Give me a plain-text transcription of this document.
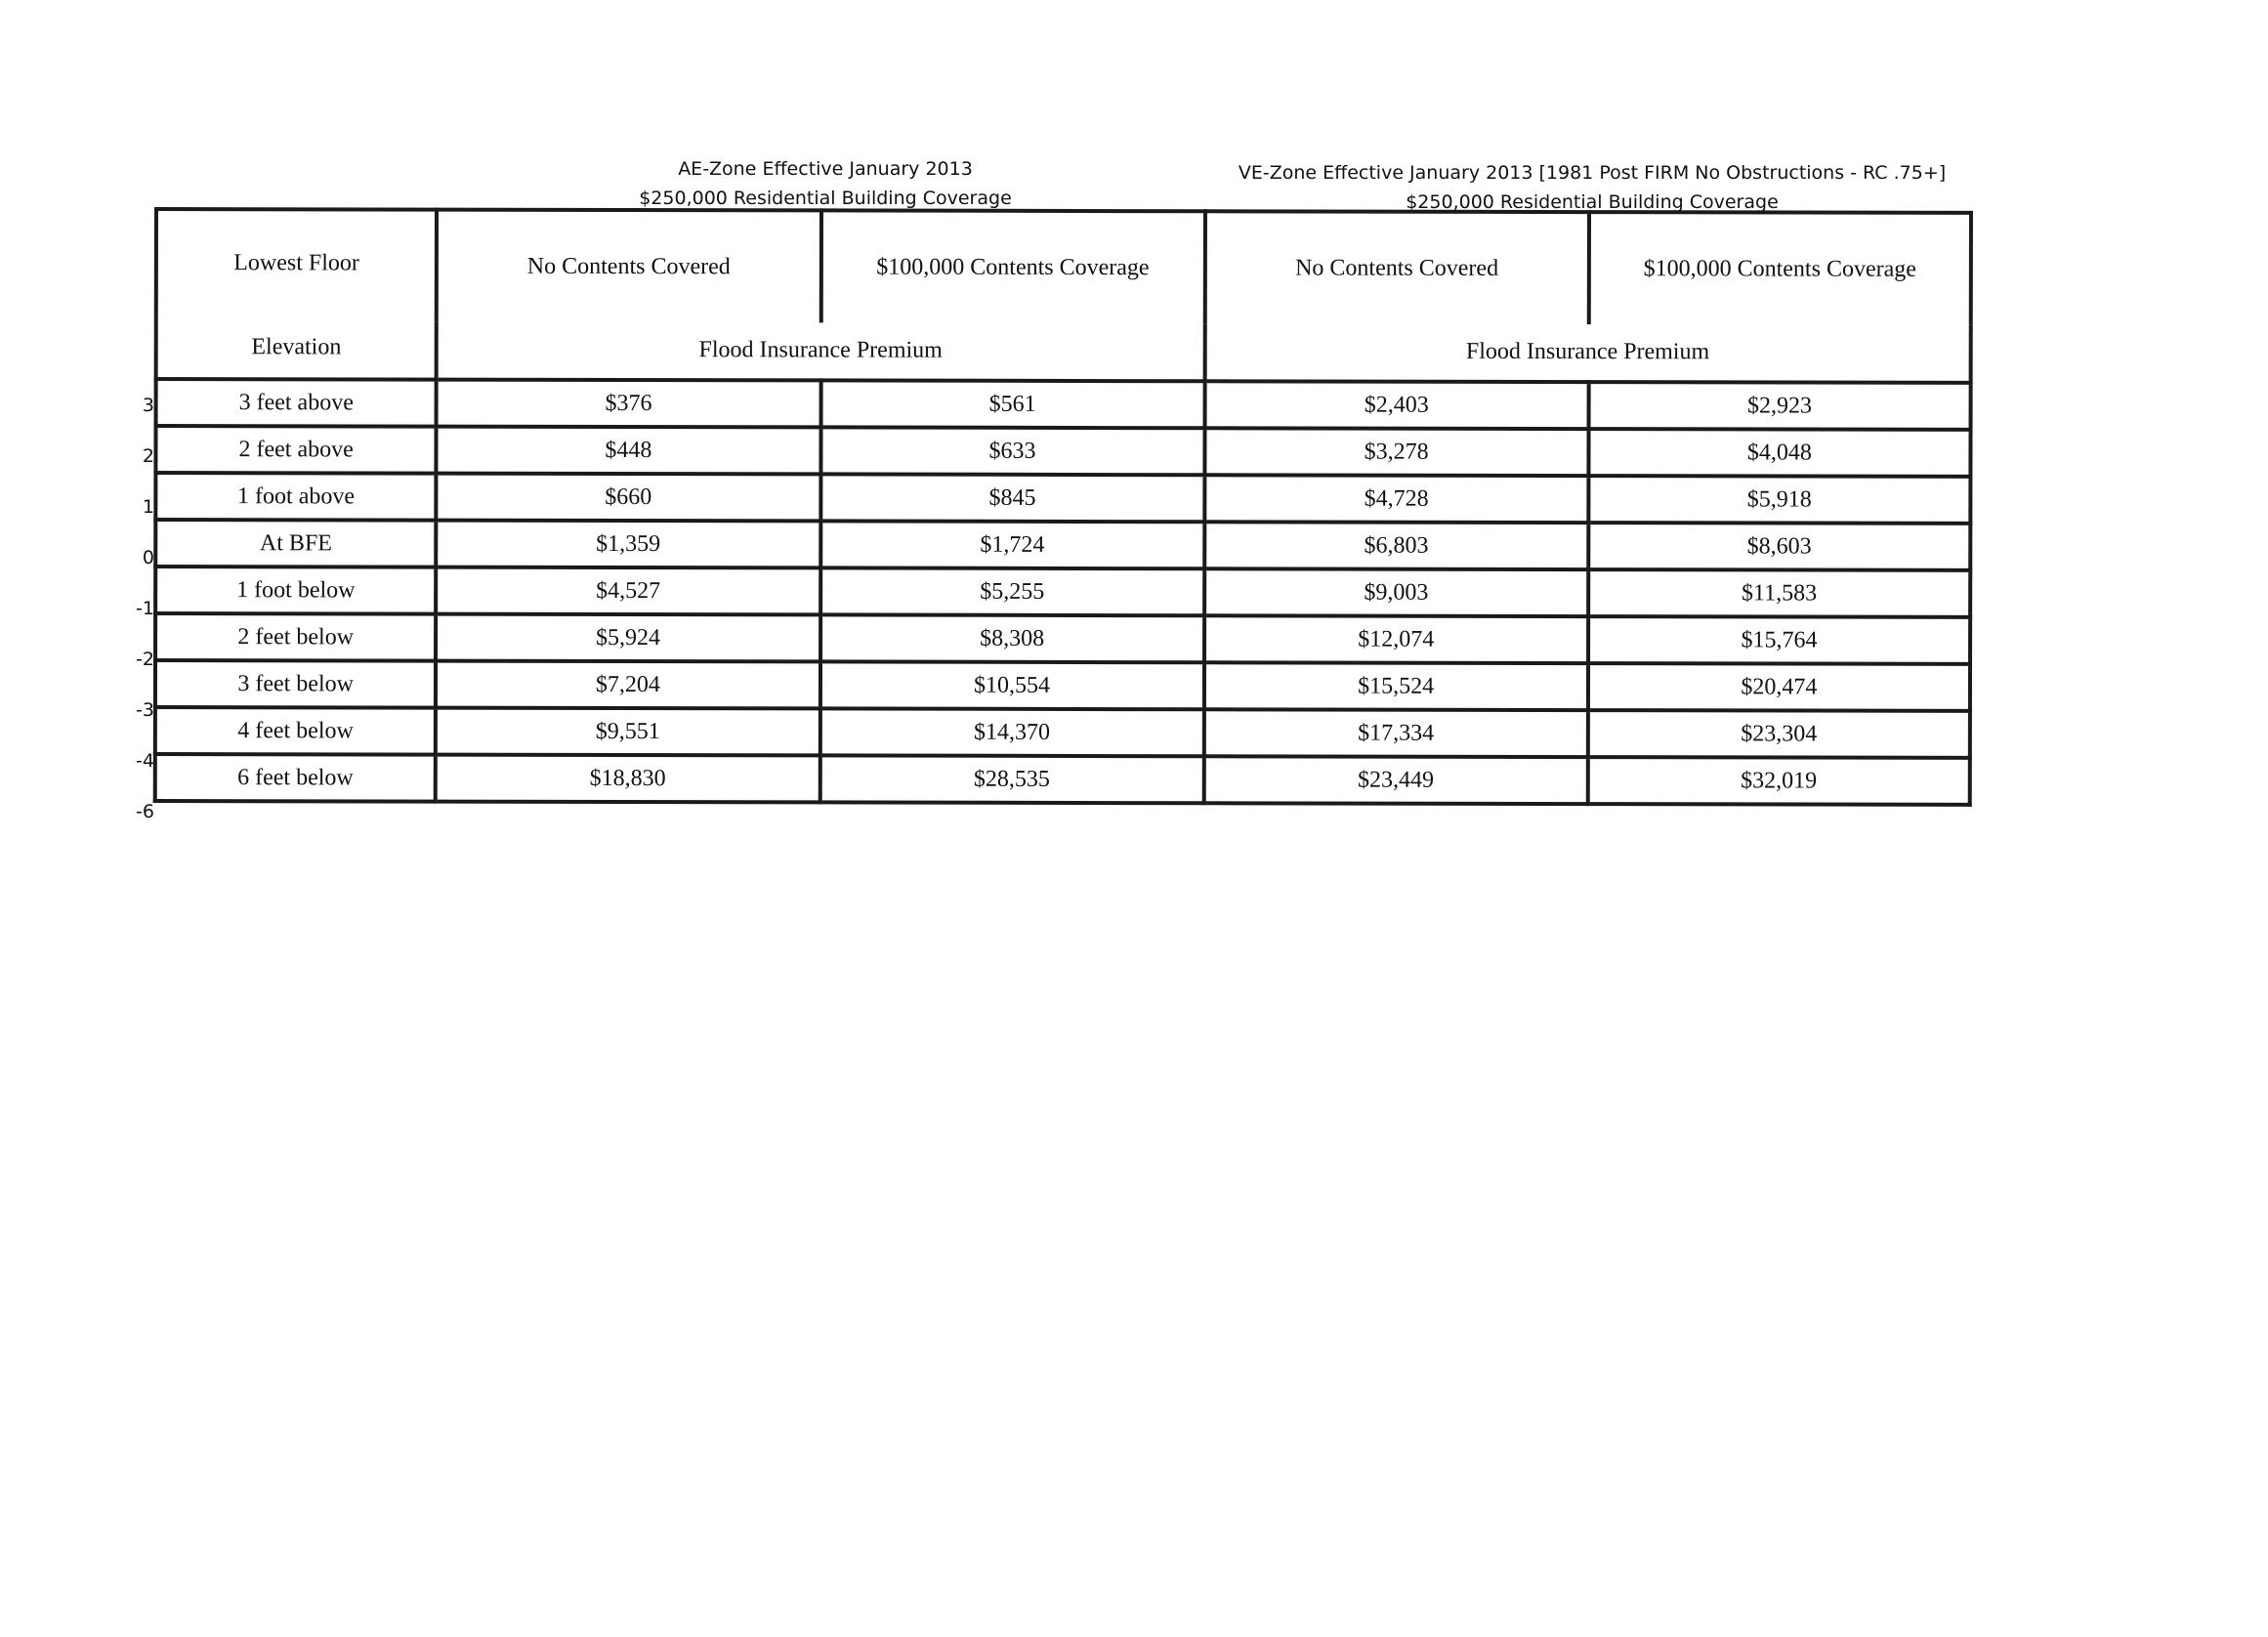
AE-Zone Effective January 2013
$250,000 Residential Building Coverage
VE-Zone Effective January 2013 [1981 Post FIRM No Obstructions - RC .75+]
$250,000 Residential Building Coverage
3
2
1
0
-1
-2
-3
-4
-6
Lowest Floor
Elevation	No Contents Covered	$100,000 Contents Coverage	No Contents Covered	$100,000 Contents Coverage
	Flood Insurance Premium		Flood Insurance Premium	
3 feet above	$376	$561	$2,403	$2,923
2 feet above	$448	$633	$3,278	$4,048
1 foot above	$660	$845	$4,728	$5,918
At BFE	$1,359	$1,724	$6,803	$8,603
1 foot below	$4,527	$5,255	$9,003	$11,583
2 feet below	$5,924	$8,308	$12,074	$15,764
3 feet below	$7,204	$10,554	$15,524	$20,474
4 feet below	$9,551	$14,370	$17,334	$23,304
6 feet below	$18,830	$28,535	$23,449	$32,019
